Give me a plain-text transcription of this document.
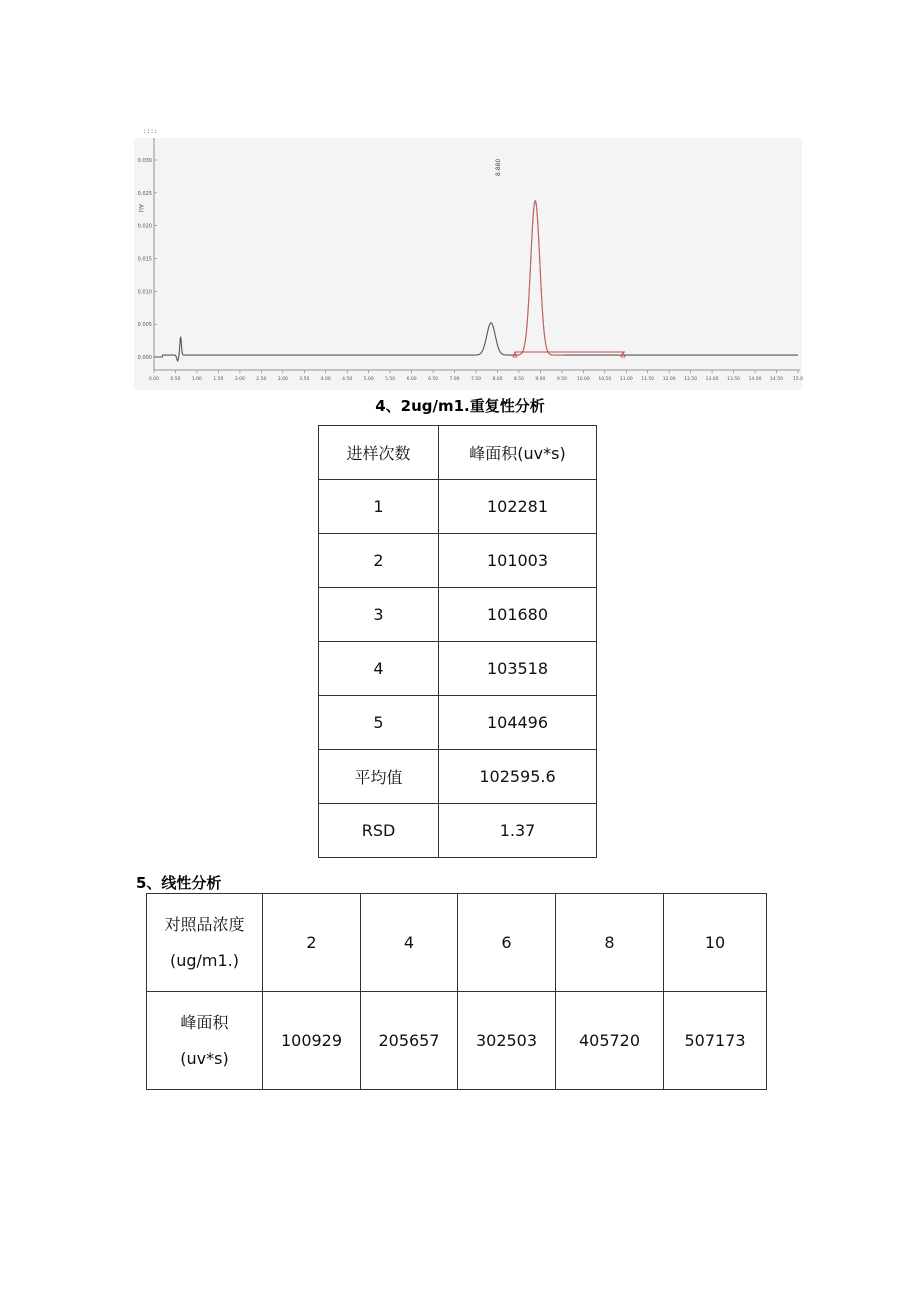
::::
AU
0.030
0.025
0.020
0.015
0.010
0.005
0.000
0.00	0.50	1.00	1.50	2.00	2.50	3.00	3.50	4.00	4.50	5.00	5.50	6.00	6.50	7.00	7.50	8.00	8.50	9.00	9.50 10.00 10.50 11.00 11.50 12.00 12.50 13.00 13.50 14.00 14.50 15.0
8.880
4、2ug/m1.重复性分析
进样次数	峰面积(uv*s)
1	102281
2	101003
3	101680
4	103518
5	104496
平均值	102595.6
RSD	1.37
5、线性分析
对照品浓度
(ug/m1.)	2	4	6	8	10

峰面积
(uv*s)	100929	205657	302503	405720	507173
